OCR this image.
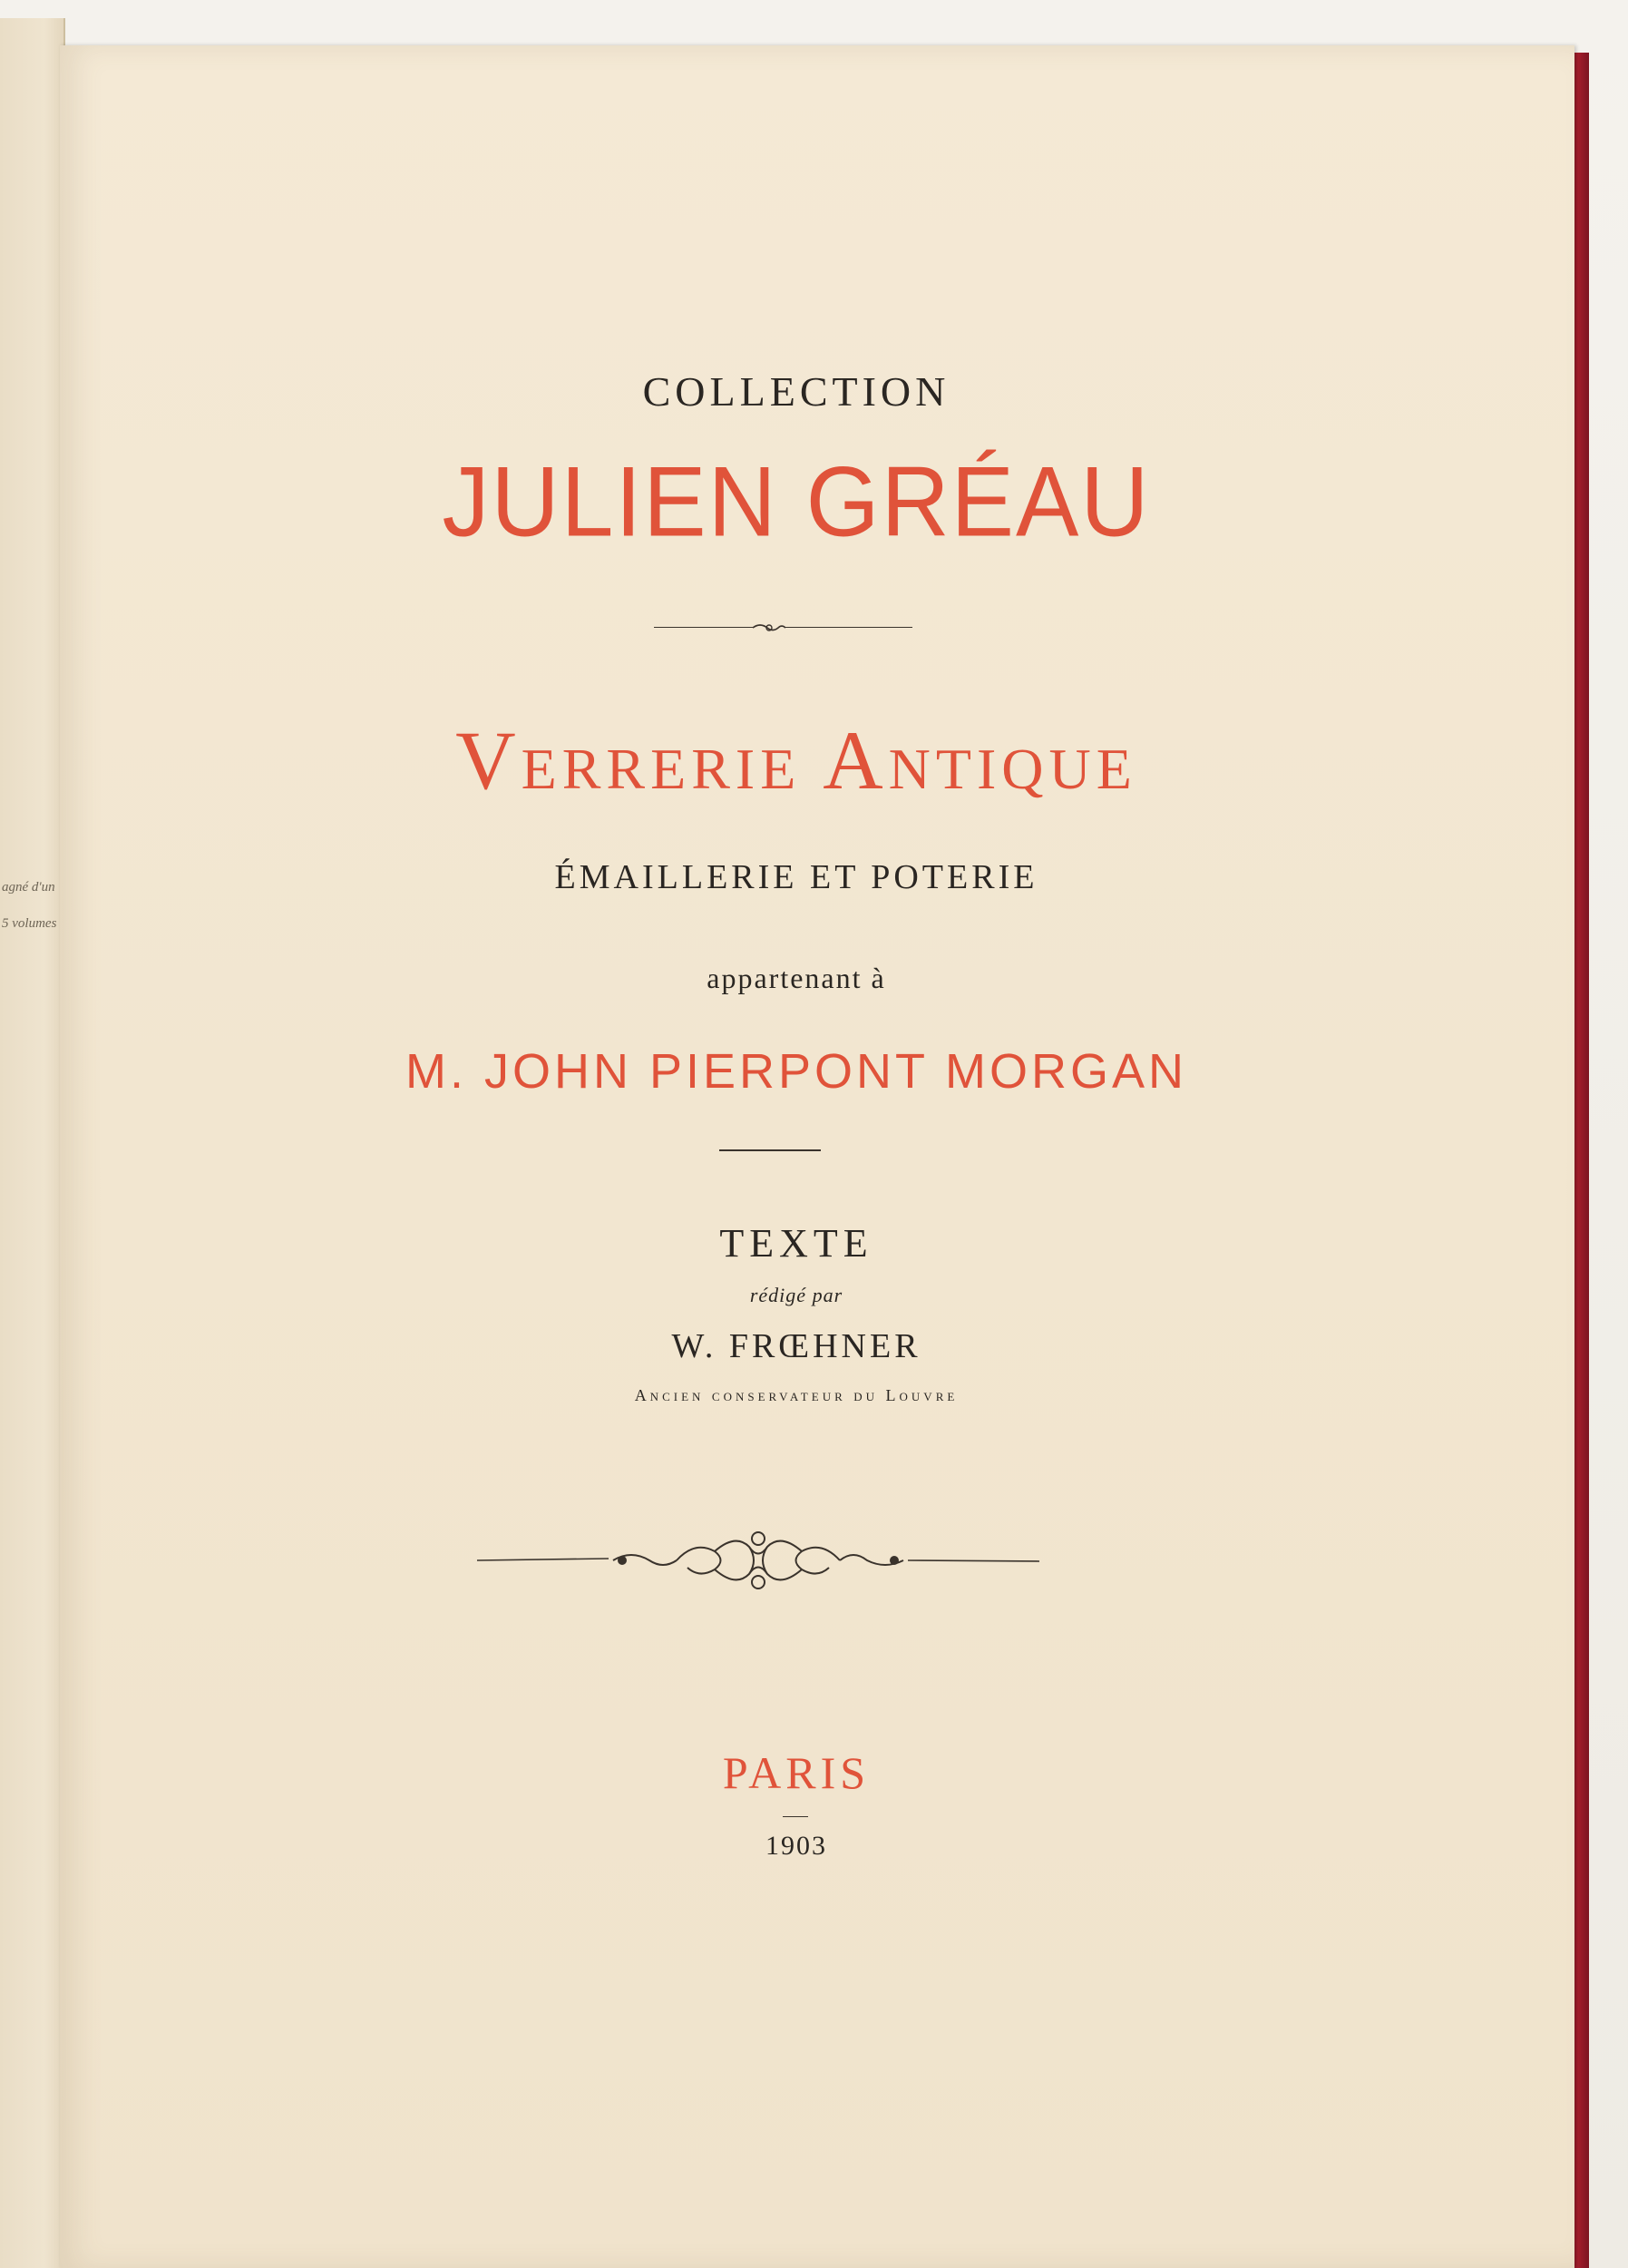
agné d'un
5 volumes
COLLECTION
JULIEN GRÉAU
Verrerie Antique
ÉMAILLERIE ET POTERIE
appartenant à
M. JOHN PIERPONT MORGAN
TEXTE
rédigé par
W. FRŒHNER
Ancien conservateur du Louvre
PARIS
1903
